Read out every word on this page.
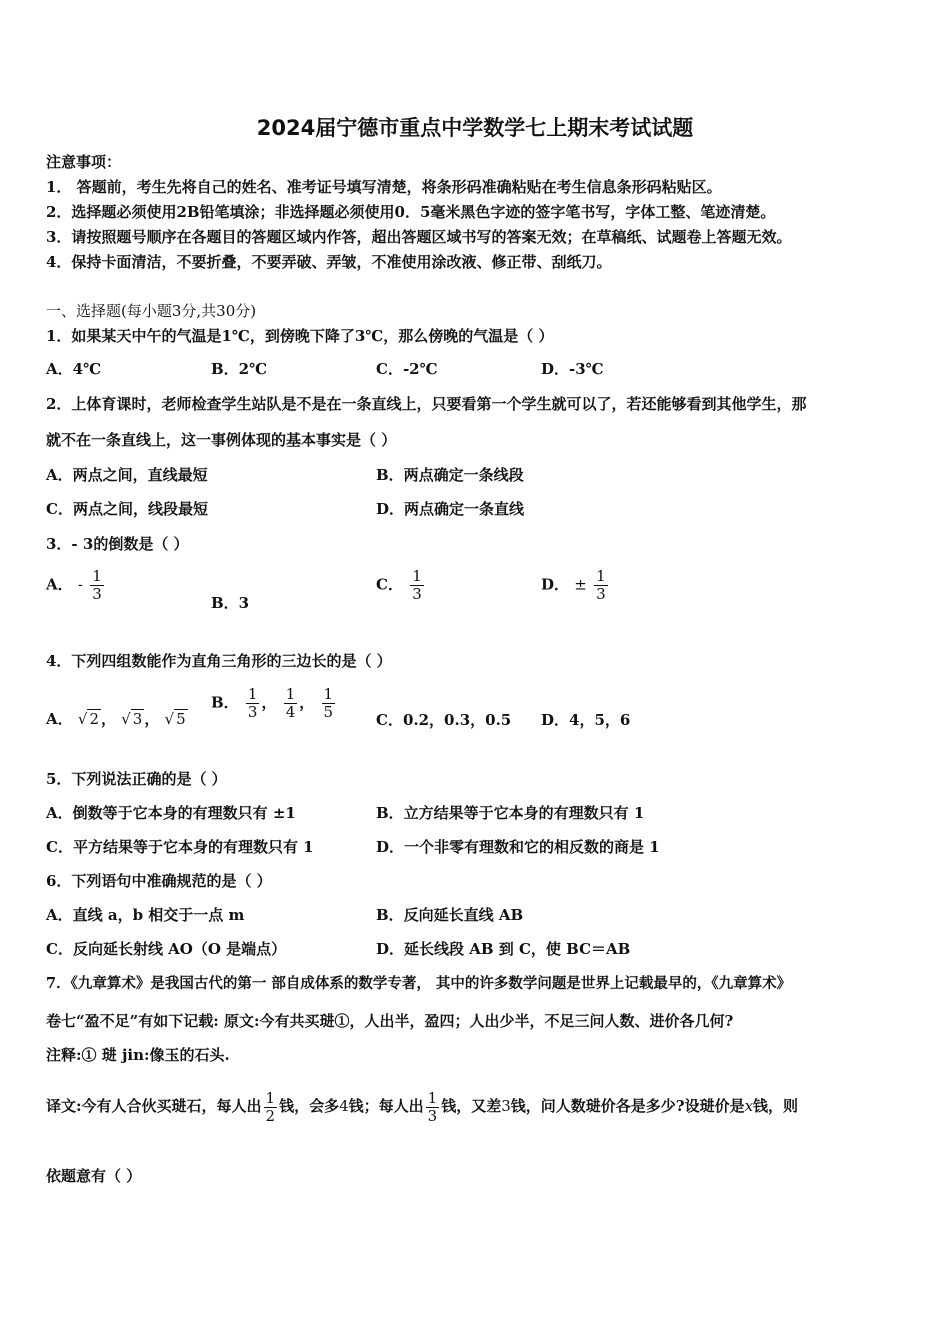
2024届宁德市重点中学数学七上期末考试试题
注意事项：
1． 答题前，考生先将自己的姓名、准考证号填写清楚，将条形码准确粘贴在考生信息条形码粘贴区。
2．选择题必须使用2B铅笔填涂；非选择题必须使用0．5毫米黑色字迹的签字笔书写，字体工整、笔迹清楚。
3．请按照题号顺序在各题目的答题区域内作答，超出答题区域书写的答案无效；在草稿纸、试题卷上答题无效。
4．保持卡面清洁，不要折叠，不要弄破、弄皱，不准使用涂改液、修正带、刮纸刀。
一、选择题(每小题3分,共30分)
1．如果某天中午的气温是1℃，到傍晚下降了3℃，那么傍晚的气温是（ ）
A．4℃	B．2℃	C．-2℃	D．-3℃
2．上体育课时，老师检查学生站队是不是在一条直线上，只要看第一个学生就可以了，若还能够看到其他学生，那
就不在一条直线上，这一事例体现的基本事实是（ ）
A．两点之间，直线最短	B．两点确定一条线段
C．两点之间，线段最短	D．两点确定一条直线
3．- 3的倒数是（ ）
A． - $\frac{1}{3}$	B．3
C． $\frac{1}{3}$	D． ± $\frac{1}{3}$
4．下列四组数能作为直角三角形的三边长的是（ ）
A． √ 2 ， √ 3 ， √ 5
B． $\frac{1}{3}$ ， $\frac{1}{4}$ ， $\frac{1}{5}$	C．0.2，0.3，0.5 D．4，5，6
5．下列说法正确的是（ ）
A．倒数等于它本身的有理数只有 ±1	B．立方结果等于它本身的有理数只有 1
C．平方结果等于它本身的有理数只有 1	D．一个非零有理数和它的相反数的商是 1
6．下列语句中准确规范的是（ ）
A．直线 a，b 相交于一点 m	B．反向延长直线 AB
C．反向延长射线 AO（O 是端点）	D．延长线段 AB 到 C，使 BC＝AB
7．《九章算术》是我国古代的第一 部自成体系的数学专著， 其中的许多数学问题是世界上记载最早的，《九章算术》
卷七“盈不足”有如下记载: 原文:今有共买琎①，人出半，盈四；人出少半，不足三问人数、进价各几何?
注释:① 琎 jin:像玉的石头.
译文:今有人合伙买琎石，每人出 $\frac{1}{2}$ 钱，会多4钱；每人出 $\frac{1}{3}$ 钱，又差3钱，问人数琎价各是多少?设琎价是x钱，则
依题意有（ ）
